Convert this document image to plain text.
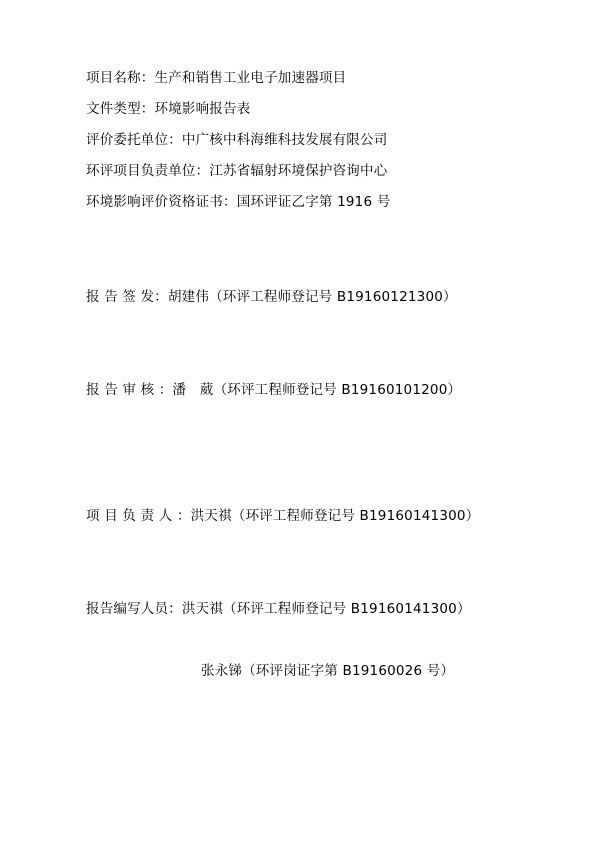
项目名称：生产和销售工业电子加速器项目
文件类型：环境影响报告表
评价委托单位：中广核中科海维科技发展有限公司
环评项目负责单位：江苏省辐射环境保护咨询中心
环境影响评价资格证书：国环评证乙字第 1916 号
报 告 签 发：胡建伟（环评工程师登记号 B19160121300）
报 告 审 核 ：潘　葳（环评工程师登记号 B19160101200）
项 目 负 责 人 ：洪天祺（环评工程师登记号 B19160141300）
报告编写人员：洪天祺（环评工程师登记号 B19160141300）
张永锑（环评岗证字第 B19160026 号）
